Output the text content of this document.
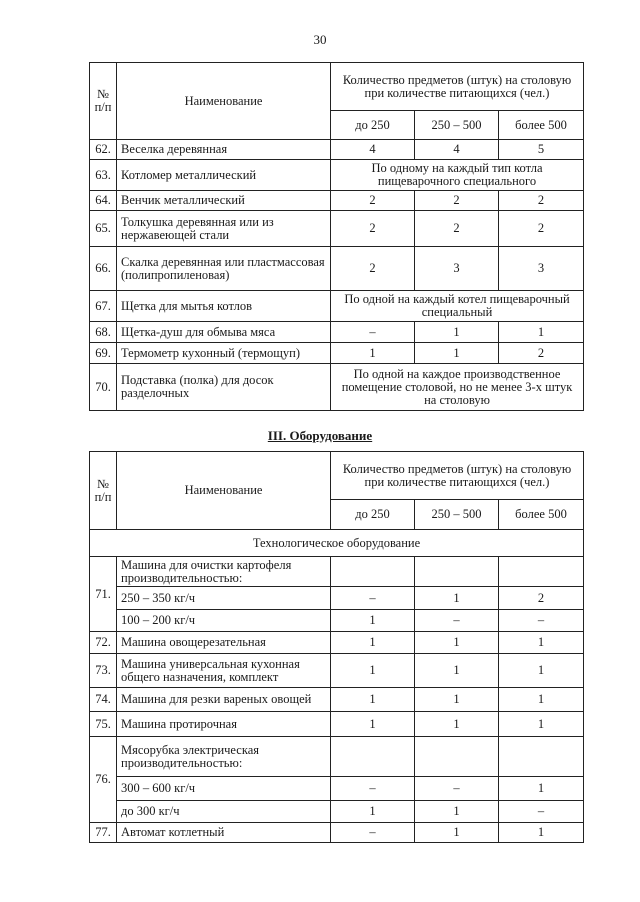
30
№ п/п	Наименование	Количество предметов (штук) на столовую при количестве питающихся (чел.)		
		до 250	250 – 500	более 500
62.	Веселка деревянная	4	4	5
63.	Котломер металлический	По одному на каждый тип котла пищеварочного специального		
64.	Венчик металлический	2	2	2
65.	Толкушка деревянная или из нержавеющей стали	2	2	2
66.	Скалка деревянная или пластмассовая (полипропиленовая)	2	3	3
67.	Щетка для мытья котлов	По одной на каждый котел пищеварочный специальный		
68.	Щетка-душ для обмыва мяса	–	1	1
69.	Термометр кухонный (термощуп)	1	1	2
70.	Подставка (полка) для досок разделочных	По одной на каждое производственное помещение столовой, но не менее 3-х штук на столовую		
III. Оборудование
№ п/п	Наименование	Количество предметов (штук) на столовую при количестве питающихся (чел.)		
		до 250	250 – 500	более 500
Технологическое оборудование				
71.	Машина для очистки картофеля производительностью:			
	250 – 350 кг/ч	–	1	2
	100 – 200 кг/ч	1	–	–
72.	Машина овощерезательная	1	1	1
73.	Машина универсальная кухонная общего назначения, комплект	1	1	1
74.	Машина для резки вареных овощей	1	1	1
75.	Машина протирочная	1	1	1
76.	Мясорубка электрическая производительностью:			
	300 – 600 кг/ч	–	–	1
	до 300 кг/ч	1	1	–
77.	Автомат котлетный	–	1	1
